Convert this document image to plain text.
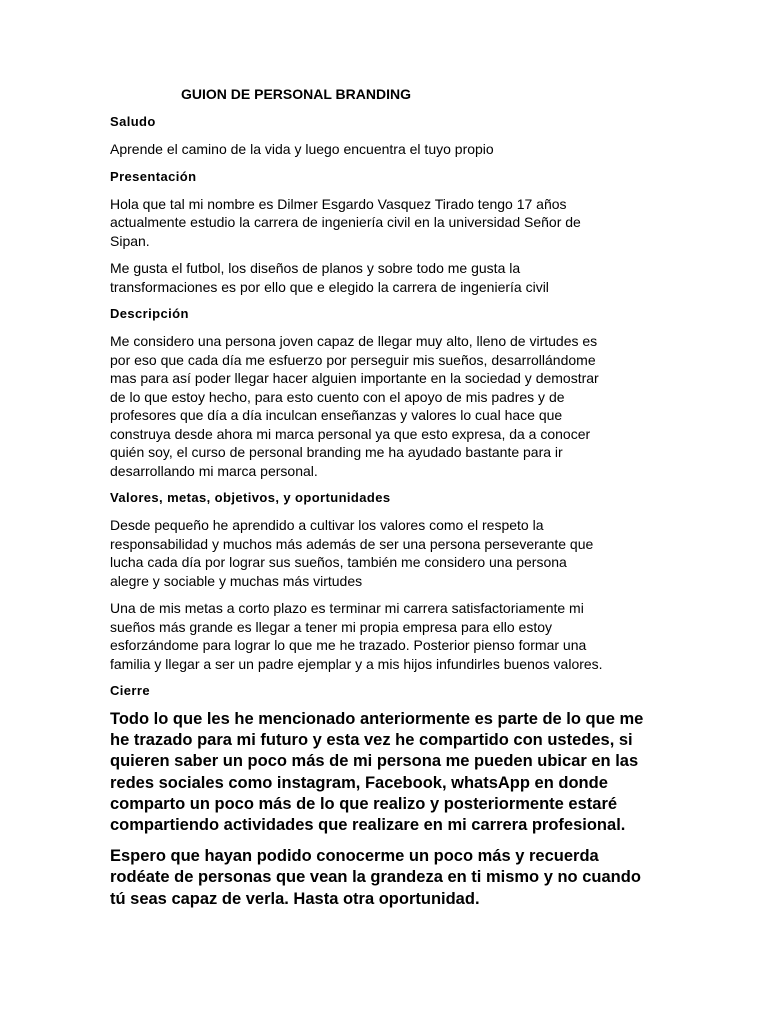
GUION DE PERSONAL BRANDING
Saludo
Aprende el camino de la vida y luego encuentra el tuyo propio
Presentación
Hola que tal mi nombre es Dilmer Esgardo Vasquez Tirado tengo 17 años
actualmente estudio la carrera de ingeniería civil en la universidad Señor de
Sipan.
Me gusta el futbol, los diseños de planos y sobre todo me gusta la
transformaciones es por ello que e elegido la carrera de ingeniería civil
Descripción
Me considero una persona joven capaz de llegar muy alto, lleno de virtudes es
por eso que cada día me esfuerzo por perseguir mis sueños, desarrollándome
mas para así poder llegar hacer alguien importante en la sociedad y demostrar
de lo que estoy hecho, para esto cuento con el apoyo de mis padres y de
profesores que día a día inculcan enseñanzas y valores lo cual hace que
construya desde ahora mi marca personal ya que esto expresa, da a conocer
quién soy, el curso de personal branding me ha ayudado bastante para ir
desarrollando mi marca personal.
Valores, metas, objetivos, y oportunidades
Desde pequeño he aprendido a cultivar los valores como el respeto la
responsabilidad y muchos más además de ser una persona perseverante que
lucha cada día por lograr sus sueños, también me considero una persona
alegre y sociable y muchas más virtudes
Una de mis metas a corto plazo es terminar mi carrera satisfactoriamente mi
sueños más grande es llegar a tener mi propia empresa para ello estoy
esforzándome para lograr lo que me he trazado. Posterior pienso formar una
familia y llegar a ser un padre ejemplar y a mis hijos infundirles buenos valores.
Cierre
Todo lo que les he mencionado anteriormente es parte de lo que me
he trazado para mi futuro y esta vez he compartido con ustedes, si
quieren saber un poco más de mi persona me pueden ubicar en las
redes sociales como instagram, Facebook, whatsApp en donde
comparto un poco más de lo que realizo y posteriormente estaré
compartiendo actividades que realizare en mi carrera profesional.
Espero que hayan podido conocerme un poco más y recuerda
rodéate de personas que vean la grandeza en ti mismo y no cuando
tú seas capaz de verla. Hasta otra oportunidad.
